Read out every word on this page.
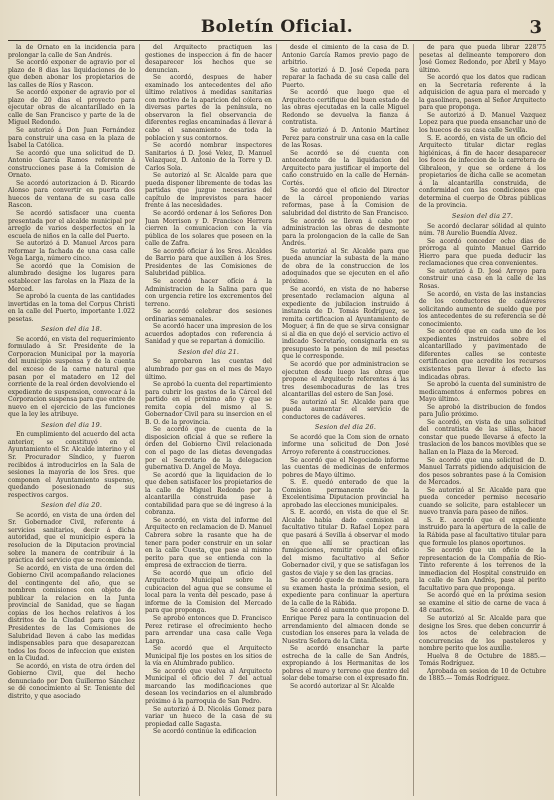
Boletín Oficial.	3

la de Ornato en la incidencia para prolongar la calle de San Andrés.

Se acordó exponer de agravio por el plazo de 8 dias las liquidaciones de lo que deben abonar los propietarios de las calles de Ríos y Rascon.

Se acordó exponer de agravio por el plazo de 20 dias el proyecto para ejecutar obras de alcantarillado en la calle de San Francisco y parte de la de Miguel Redondo.

Se autorizó á Don Juan Fernández para construir una casa en la plaza de Isabel la Católica.

Se acordó que una solicitud de D. Antonio García Ramos referente á construcciones pase á la Comision de Ornato.

Se acordó autorizacion á D. Ricardo Alonso para convertir en puerta dos huecos de ventana de su casa calle Rascon.

Se acordó satisfacer una cuenta presentada por el alcalde municipal por arreglo de varios desperfectos en la escuela de niños en la calle del Puerto.

Se autorizó á D. Manuel Arcos para reformar la fachada de una casa calle Vega Larga, número cinco.

Se acordó que la Comision de alumbrado designe los lugares para establecer las farolas en la Plaza de la Merced.

Se aprobó la cuenta de las cantidades invertidas en la toma del Corpus Christi en la calle del Puerto, importante 1.022 pesetas.

Sesion del dia 18.

Se acordó, en vista del requerimiento formulado á Sr. Presidente de la Corporacion Municipal por la mayoría del municipio suspensa y de la cuenta del exceso de la carne natural que pasan por el matadero en 12 del corriente de la real órden devolviendo el expediente de suspension, convocar á la Corporacion suspensa para que entre de nuevo en el ejercicio de las funciones que la ley les atribuye.

Sesion del dia 19.

En cumplimiento del acuerdo del acta anterior, se constituyó en el Ayuntamiento el Sr. Alcalde interino y el Sr. Procurador Síndico, y fueron recibidos á introducirlos en la Sala de sesiones la mayoría de los Sres. que componen el Ayuntamiento suspenso, quedando posesionado de sus respectivos cargos.

Sesion del dia 20.

Se acordó, en vista de una órden del Sr. Gobernador Civil, referente á servicios sanitarios, decir á dicha autoridad, que el municipio espera la resolucion de la Diputacion provincial sobre la manera de contribuir á la práctica del servicio que se recomienda.

Se acordó, en vista de una órden del Gobierno Civil acompañando relaciones del contingente del año, que se nombren comisiones con objeto de publicar la relacion en la Junta provincial de Sanidad, que se hagan copias de los hechos relativos á los distritos de la Ciudad para que los Presidentes de las Comisiones de Salubridad lleven á cabo las medidas indispensables para que desaparezcan todos los focos de infeccion que existen en la Ciudad.

Se acordó, en vista de otra órden del Gobierno Civil, que del hecho denunciado por Don Guillermo Sánchez se dé conocimiento al Sr. Teniente del distrito, y que asociado

del Arquitecto practiquen las gestiones de inspeccion á fin de hacer desaparecer los hechos que se denuncian.

Se acordó, despues de haber examinado los antecedentes del año último relativos á medidas sanitarias con motivo de la aparicion del cólera en diversas partes de la península, no observaron la fiel observancia de diferentes reglas encaminadas á llevar á cabo el saneamiento de toda la poblacion y sus contornos.

Se acordó nombrar inspectores Sanitarios á D. José Velez, D. Manuel Velazquez, D. Antonio de la Torre y D. Carlos Sola.

Se autorizó al Sr. Alcalde para que pueda disponer libremente de todas las partidas que juzgue necesarias del capítulo de imprevistos para hacer frente á las necesidades.

Se acordó ordenar á los Señores Don Juan Morrison y D. Francisco Herrera cierren la comunicacion con la vía pública de los solares que poseen en la calle de Zafra.

Se acordó oficiar á los Sres. Alcaldes de Barrio para que auxilien á los Sres. Presidentes de las Comisiones de Salubridad pública.

Se acordó hacer ofício á la Administracion de la Salina para que con urgencia retire los excrementos del terreno.

Se acordó celebrar dos sesiones ordinarias semanales.

Se acordó hacer una impresion de los acuerdos adoptados con referencia á Sanidad y que se repartan á domicilio.

Sesion del dia 21.

Se aprobaron las cuentas del alumbrado por gas en el mes de Mayo último.

Se aprobó la cuenta del repartimiento para cubrir los gastos de la Cárcel del partido en el próximo año y que se remita copia del mismo al S. Gobernador Civil para su insercion en el B. O. de la provincia.

Se acordó que de cuenta de la disposicion oficial á que se refiere la órden del Gobierno Civil relacionada con el pago de las dietas devengadas por el Secretario de la delegacion gubernativa D. Angel de Moya.

Se acordó que la liquidacion de lo que deben satisfacer los propietarios de la calle de Miguel Redondo por la alcantarilla construida pase á contabilidad para que se dé ingreso á la cobranza.

Se acordó, en vista del informe del Arquitecto en reclamacion de D. Manuel Cabrera sobre la rasante que ha de tener para poder construir en un solar en la calle Cuesta, que pase al mismo perito para que se entienda con la empresa de extraccion de tierra.

Se acordó que un oficio del Arquitecto Municipal sobre la cubicacion del agua que se consume el local para la venta del pescado, pase á informe de la Comision del Mercado para que proponga.

Se aprobó entonces que D. Francisco Perez retirase el ofrecimiento hecho para arrendar una casa calle Vega Larga.

Se acordó que el Arquitecto Municipal fije los postes en los sitios de la vía en Alumbrado publico.

Se acordó que vuelva al Arquitecto Municipal el oficio del 7 del actual marcando las modificaciones que desean los vecindarios en el alumbrado próximo á la parroquia de San Pedro.

Se autorizó á D. Nicolás Gomez para variar un hueco de la casa de su propiedad calle Sagasta.

Se acordó continúe la edificacion

desde el cimiento de la casa de D. Antonio García Ramos previo pago de arbitrio.

Se autorizó á D. José Cepeda para reparar la fachada de su casa calle del Puerto.

Se acordó que luego que el Arquitecto certifique del buen estado de las obras ejecutadas en la calle Miguel Redondo se devuelva la fianza á contratista.

Se autorizó á D. Antonio Martínez Perez para construir una casa en la calle de las Rosas.

Se acordó se dé cuenta con antecedente de la liquidacion del Arquitecto para justificar el importe del caño construido en la calle de Hernán-Cortés.

Se acordó que el oficio del Director de la cárcel proponiendo varias reformas, pase á la Comision de salubridad del distrito de San Francisco.

Se acordó se lleven á cabo por administracion las obras de desmonte para la prolongacion de la calle de San Andrés.

Se autorizó al Sr. Alcalde para que pueda anunciar la subasta de la mano de obra de la construccion de los adoquinados que se ejecuten en el año próximo.

Se acordó, en vista de no haberse presentado reclamacion alguna al expediente de jubilacion instruido á instancia de D. Tomás Rodríguez, se remita certificacion al Ayuntamiento de Moguer, á fin de que se sirva consignar si al dia en que dejó el servicio activo el indicado Secretario, consignarla en su presupuesto la pension de mil pesetas que le corresponde.

Se acordó que por administracion se ejecuten desde luego las obras que propone el Arquitecto referentes á las tres desembocaduras de las tres alcantarillas del estero de San José.

Se autorizó al Sr. Alcalde para que pueda aumentar el servicio de conductores de cadáveres.

Sesion del dia 26.

Se acordó que la Com sion de ornato informe una solicitud de Don José Arroyo referente á construcciones.

Se acordó que el Negociado informe las cuentas de medicinas de enfermos pobres de Mayo último.

S. E. quedó enterado de que la Comision permanente de la Excelentísima Diputacion provincial ha aprobado las elecciones municipales.

S. E. acordó, en vista de que el Sr. Alcalde había dado comision al facultativo titular D. Rafael Lopez para que pasará á Sevilla á observar el modo en que allí se practican las fumigaciones, remitir copia del oficio del mismo facultativo al Señor Gobernador civil, y que se satisfagan los gastos de viaje y se den las gracias.

Se acordó quede de manifiesto, para su examen hasta la próxima sesion, el expediente para continuar la apertura de la calle de la Rábida.

Se acordó el aumento que propone D. Enrique Perez para la continuacion del arrendamiento del almacen donde se custodian los enseres para la velada de Nuestra Señora de la Cinta.

Se acordó ensanchar la parte estrecha de la calle de San Andrés, expropiando á los Hermanitas de los pobres el muro y terreno que dentro del solar debe tomarse con el expresado fin.

Se acordó autorizar al Sr. Alcalde

de para que pueda librar 228'75 pesetas al delineante temporero don José Gomez Redondo, por Abril y Mayo último.

Se acordó que los datos que radican en la Secretaría referente á la adquisicion de agua para el mercado y la gasolinera, pasen al Señor Arquitecto para que proponga.

Se autorizó á D. Manuel Vazquez Lopez para que pueda ensanchar uno de los huecos de su casa calle Sevilla.

S. E. acordó, en vista de un oficio del Arquitecto titular dictar reglas higiénicas, á fin de hacer desaparecer los focos de infeccion de la carretera de Gibraleon, y que se ordene á los propietarios de dicha calle se acometan á la alcantarilla construida, de conformidad con las condiciones que determina el cuerpo de Obras públicas de la provincia.

Sesion del dia 27.

Se acordó declarar sólidad al quinto núm. 78 Aurelio Buendía Alvez.

Se acordó conceder ocho dias de prórroga al quinto Manuel Garrido Hierro para que pueda deducir las reclamaciones que crea convenientes.

Se autorizó á D. José Arroyo para construir una casa en la calle de las Rosas.

Se acordó, en vista de las instancias de los conductores de cadáveres solicitando aumento de sueldo que por los antecedentes de su referencia se dé conocimiento.

Se acordó que en cada uno de los expedientes instruidos sobre el alcantarillado y pavimentado de diferentes calles se conteste certificacion que acredite los recursos existentes para llevar á efecto las indicadas obras.

Se aprobó la cuenta del suministro de medicamentos á enfermos pobres en Mayo último.

Se aprobó la distribucion de fondos para Julio próximo.

Se acordó, en vista de una solicitud del contratista de las sillas, hacer constar que puede llevarse á efecto la traslacion de los bancos movibles que se hallan en la Plaza de la Merced.

Se acordó que una solicitud de D. Manuel Tarrats pidiendo adquisicion de dos pesos sobrantes pase á la Comision de Mercados.

Se autorizó al Sr. Alcalde para que pueda conceder permiso necesario cuando se solicite, para establecer un nuevo tranvía para paseo de niños.

S. E. acordó que el expediente instruido para la apertura de la calle de la Rábida pase al facultativo titular para que formule los planos oportunos.

Se acordó que un oficio de la representacion de la Compañía de Río-Tinto referente á los terrenos de la inmediacion del Hospital construido en la calle de San Andrés, pase al perito facultativo para que proponga.

Se acordó que en la próxima sesion se examine el sitio de carne de vaca á 48 cuartos.

Se autorizó al Sr. Alcalde para que designe los Sres. que deben concurrir á los actos de celebracion de concurrencias de los pasteleros y nombre perito que los auxilie.

Huelva 8 de Octubre de 1885.— Tomás Rodríguez.

Aprobada en sesion de 10 de Octubre de 1885.— Tomás Rodríguez.
